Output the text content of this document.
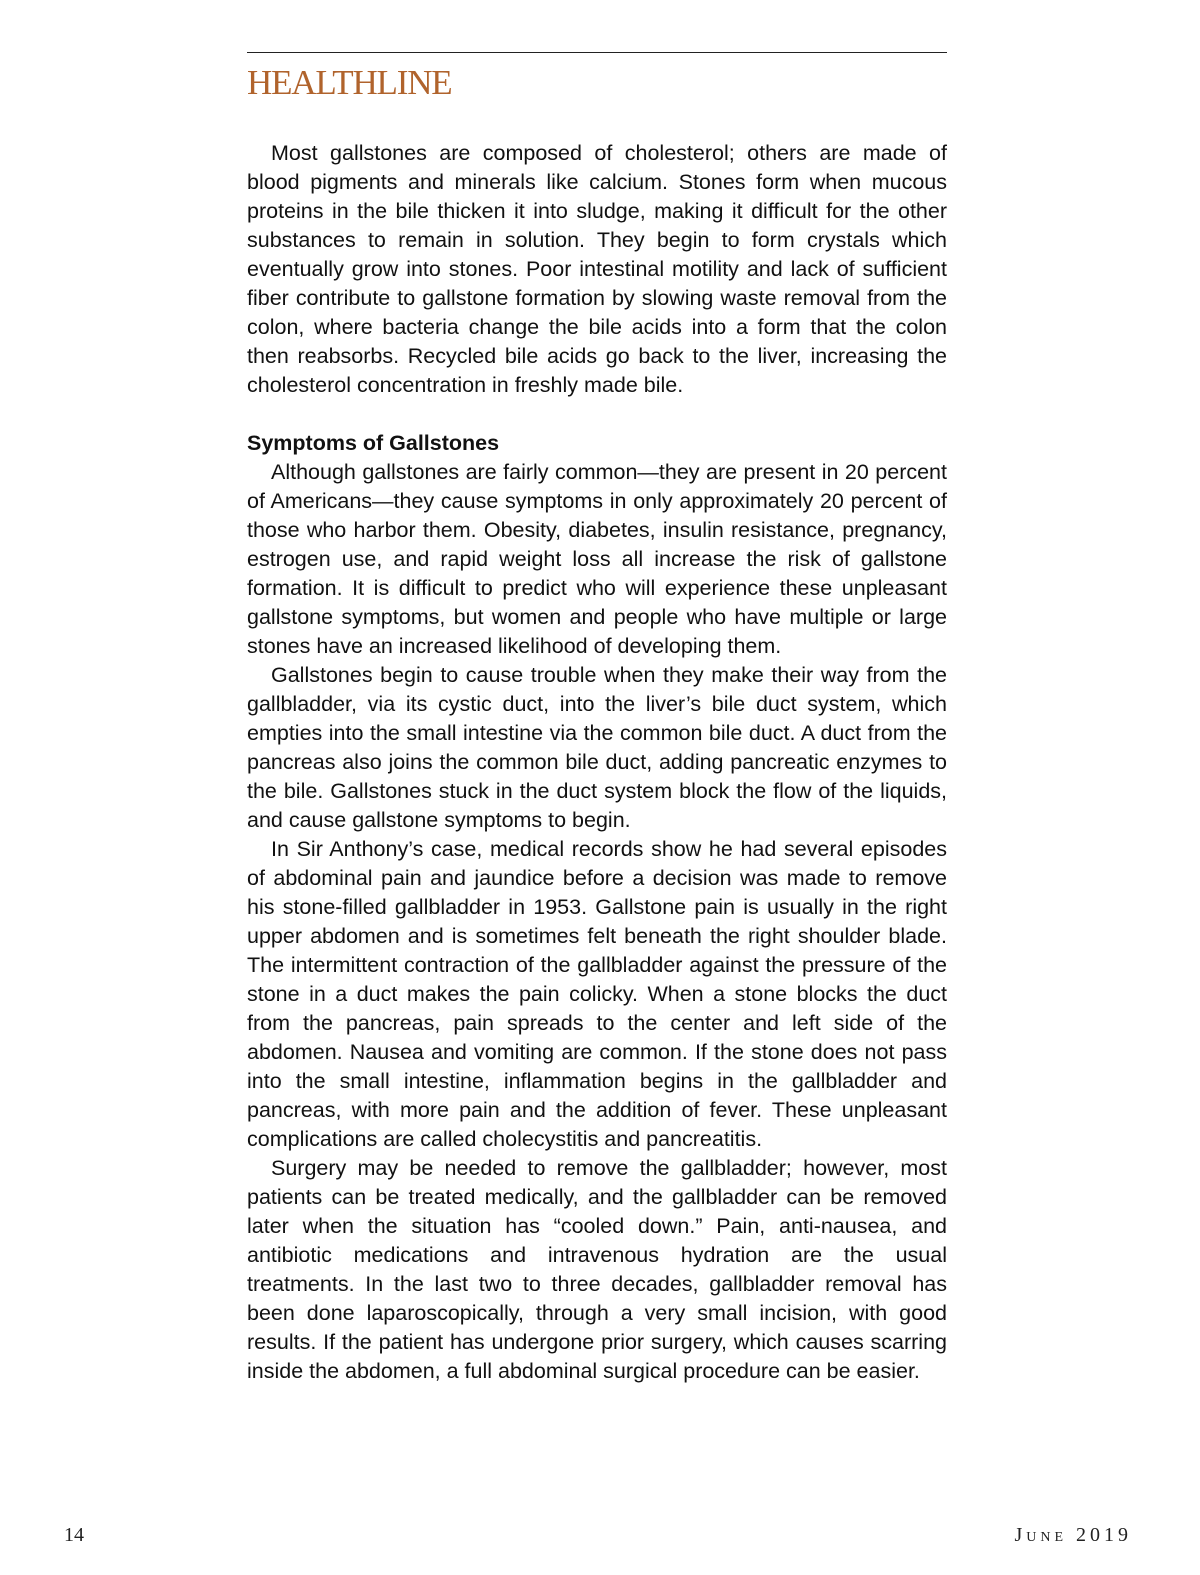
HEALTHLINE

Most gallstones are composed of cholesterol; others are made of blood pigments and minerals like calcium. Stones form when mucous proteins in the bile thicken it into sludge, making it difficult for the other substances to remain in solution. They begin to form crystals which eventually grow into stones. Poor intestinal motility and lack of sufficient fiber contribute to gallstone formation by slowing waste removal from the colon, where bacteria change the bile acids into a form that the colon then reabsorbs. Recycled bile acids go back to the liver, increasing the cholesterol concentration in freshly made bile.

Symptoms of Gallstones

Although gallstones are fairly common—they are present in 20 percent of Americans—they cause symptoms in only approximately 20 percent of those who harbor them. Obesity, diabetes, insulin resistance, pregnancy, estrogen use, and rapid weight loss all increase the risk of gallstone formation. It is difficult to predict who will experience these unpleasant gallstone symptoms, but women and people who have multiple or large stones have an increased likelihood of developing them.

Gallstones begin to cause trouble when they make their way from the gallbladder, via its cystic duct, into the liver’s bile duct system, which empties into the small intestine via the common bile duct. A duct from the pancreas also joins the common bile duct, adding pancreatic enzymes to the bile. Gallstones stuck in the duct system block the flow of the liquids, and cause gallstone symptoms to begin.

In Sir Anthony’s case, medical records show he had several episodes of abdominal pain and jaundice before a decision was made to remove his stone-filled gallbladder in 1953. Gallstone pain is usually in the right upper abdomen and is sometimes felt beneath the right shoulder blade. The intermittent contraction of the gallbladder against the pressure of the stone in a duct makes the pain colicky. When a stone blocks the duct from the pancreas, pain spreads to the center and left side of the abdomen. Nausea and vomiting are common. If the stone does not pass into the small intestine, inflammation begins in the gallbladder and pancreas, with more pain and the addition of fever. These unpleasant complications are called cholecystitis and pancreatitis.

Surgery may be needed to remove the gallbladder; however, most patients can be treated medically, and the gallbladder can be removed later when the situation has “cooled down.” Pain, anti-nausea, and antibiotic medications and intravenous hydration are the usual treatments. In the last two to three decades, gallbladder removal has been done laparoscopically, through a very small incision, with good results. If the patient has undergone prior surgery, which causes scarring inside the abdomen, a full abdominal surgical procedure can be easier.

14	June 2019
